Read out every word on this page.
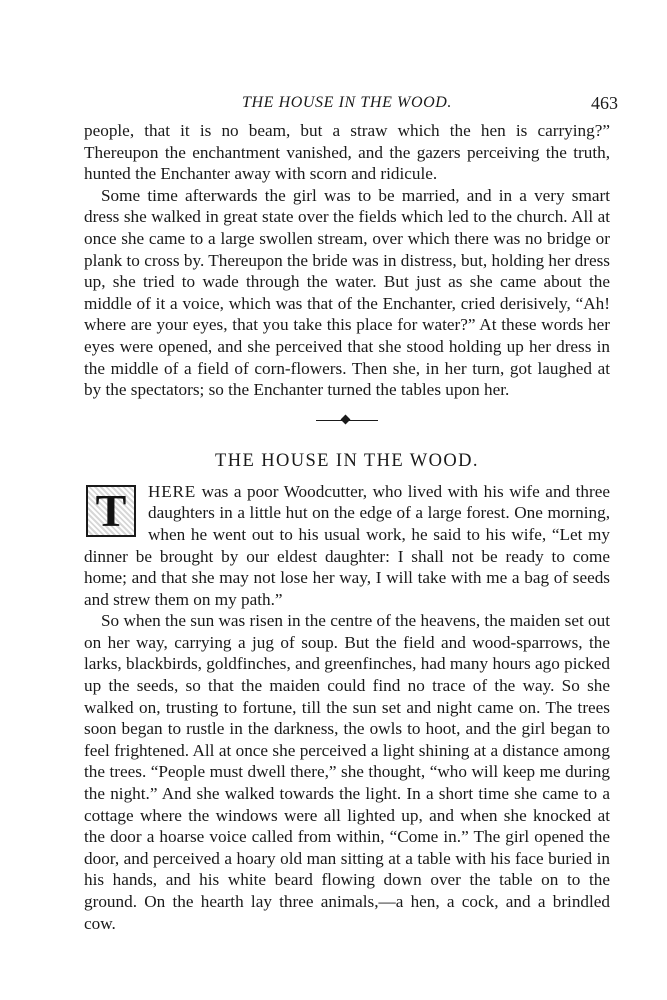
THE HOUSE IN THE WOOD.	463

people, that it is no beam, but a straw which the hen is carrying?” Thereupon the enchantment vanished, and the gazers perceiving the truth, hunted the Enchanter away with scorn and ridicule.

Some time afterwards the girl was to be married, and in a very smart dress she walked in great state over the fields which led to the church. All at once she came to a large swollen stream, over which there was no bridge or plank to cross by. Thereupon the bride was in distress, but, holding her dress up, she tried to wade through the water. But just as she came about the middle of it a voice, which was that of the Enchanter, cried derisively, “Ah! where are your eyes, that you take this place for water?” At these words her eyes were opened, and she perceived that she stood holding up her dress in the middle of a field of corn-flowers. Then she, in her turn, got laughed at by the spectators; so the Enchanter turned the tables upon her.

THE HOUSE IN THE WOOD.

T	HERE was a poor Woodcutter, who lived with his wife and three daughters in a little hut on the edge of a large forest. One morning, when he went out to his usual work, he said to his wife, “Let my dinner be brought by our eldest daughter: I shall not be ready to come home; and that she may not lose her way, I will take with me a bag of seeds and strew them on my path.”

So when the sun was risen in the centre of the heavens, the maiden set out on her way, carrying a jug of soup. But the field and wood-sparrows, the larks, blackbirds, goldfinches, and greenfinches, had many hours ago picked up the seeds, so that the maiden could find no trace of the way. So she walked on, trusting to fortune, till the sun set and night came on. The trees soon began to rustle in the darkness, the owls to hoot, and the girl began to feel frightened. All at once she perceived a light shining at a distance among the trees. “People must dwell there,” she thought, “who will keep me during the night.” And she walked towards the light. In a short time she came to a cottage where the windows were all lighted up, and when she knocked at the door a hoarse voice called from within, “Come in.” The girl opened the door, and perceived a hoary old man sitting at a table with his face buried in his hands, and his white beard flowing down over the table on to the ground. On the hearth lay three animals,—a hen, a cock, and a brindled cow.
